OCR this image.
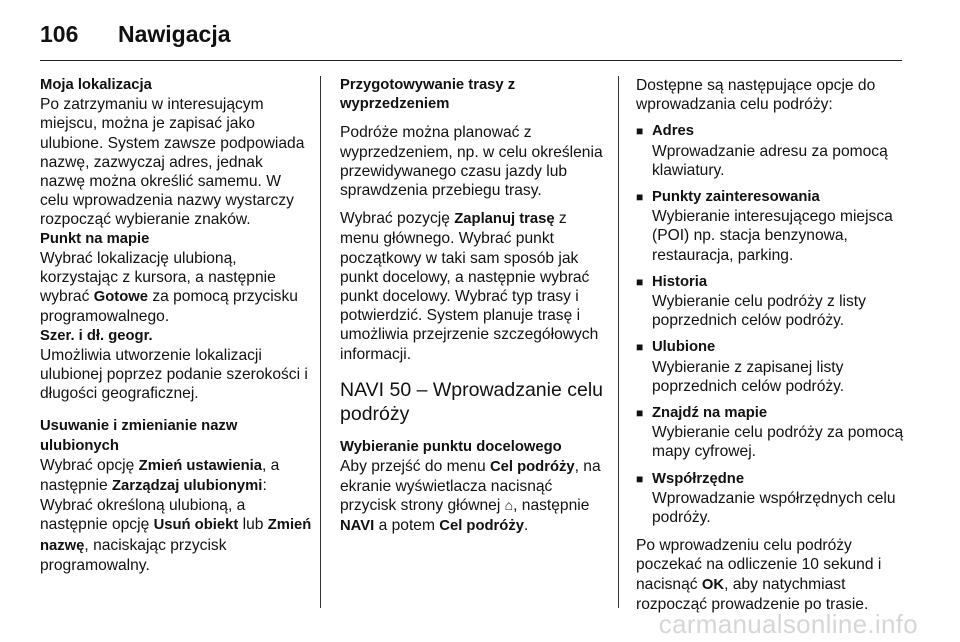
106	Nawigacja

Moja lokalizacja

Po zatrzymaniu w interesującym miejscu, można je zapisać jako ulubione. System zawsze podpowiada nazwę, zazwyczaj adres, jednak nazwę można określić samemu. W celu wprowadzenia nazwy wystarczy rozpocząć wybieranie znaków.

Punkt na mapie

Wybrać lokalizację ulubioną, korzystając z kursora, a następnie wybrać Gotowe za pomocą przycisku programowalnego.

Szer. i dł. geogr.

Umożliwia utworzenie lokalizacji ulubionej poprzez podanie szerokości i długości geograficznej.

Usuwanie i zmienianie nazw ulubionych

Wybrać opcję Zmień ustawienia, a następnie Zarządzaj ulubionymi: Wybrać określoną ulubioną, a następnie opcję Usuń obiekt lub Zmień nazwę, naciskając przycisk programowalny.

Przygotowywanie trasy z wyprzedzeniem

Podróże można planować z wyprzedzeniem, np. w celu określenia przewidywanego czasu jazdy lub sprawdzenia przebiegu trasy.

Wybrać pozycję Zaplanuj trasę z menu głównego. Wybrać punkt początkowy w taki sam sposób jak punkt docelowy, a następnie wybrać punkt docelowy. Wybrać typ trasy i potwierdzić. System planuje trasę i umożliwia przejrzenie szczegółowych informacji.

NAVI 50 – Wprowadzanie celu podróży

Wybieranie punktu docelowego

Aby przejść do menu Cel podróży, na ekranie wyświetlacza nacisnąć przycisk strony głównej ⌂, następnie NAVI a potem Cel podróży.

Dostępne są następujące opcje do wprowadzania celu podróży:

■ Adres
Wprowadzanie adresu za pomocą klawiatury.
■ Punkty zainteresowania
Wybieranie interesującego miejsca (POI) np. stacja benzynowa, restauracja, parking.
■ Historia
Wybieranie celu podróży z listy poprzednich celów podróży.
■ Ulubione
Wybieranie z zapisanej listy poprzednich celów podróży.
■ Znajdź na mapie
Wybieranie celu podróży za pomocą mapy cyfrowej.
■ Współrzędne
Wprowadzanie współrzędnych celu podróży.

Po wprowadzeniu celu podróży poczekać na odliczenie 10 sekund i nacisnąć OK, aby natychmiast rozpocząć prowadzenie po trasie.

carmanualsonline.info
